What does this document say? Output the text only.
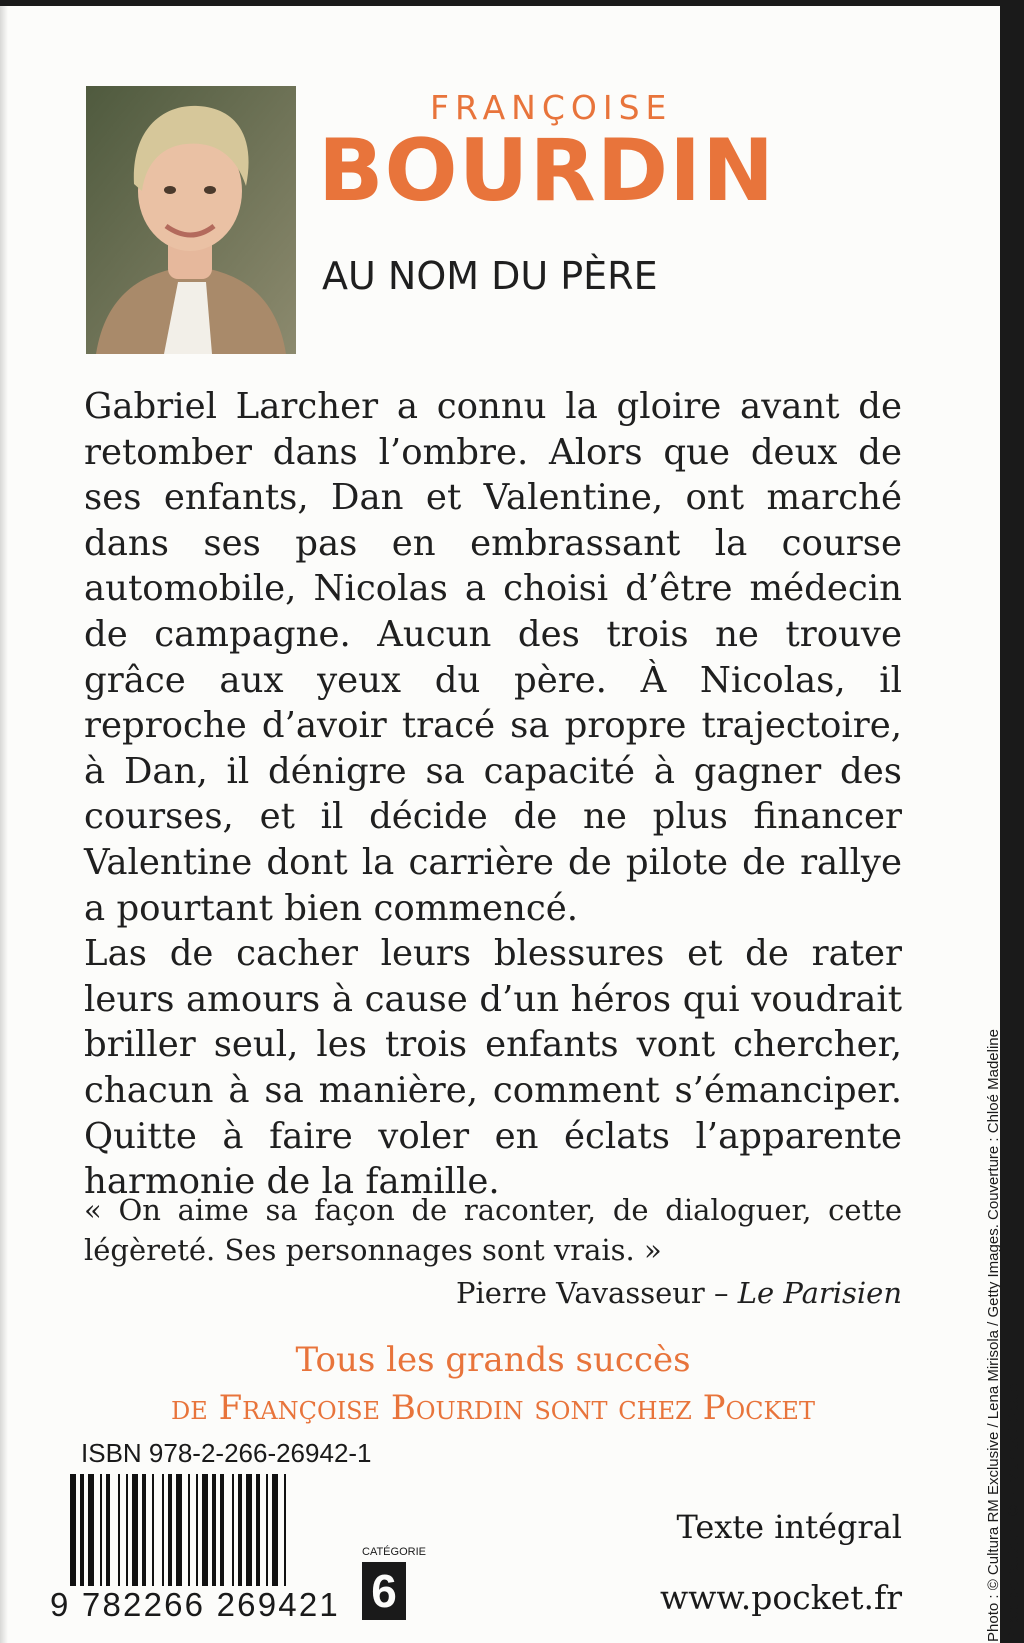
FRANÇOISE
BOURDIN
AU NOM DU PÈRE

Gabriel Larcher a connu la gloire avant de retomber dans l’ombre. Alors que deux de ses enfants, Dan et Valentine, ont marché dans ses pas en embrassant la course automobile, Nicolas a choisi d’être médecin de campagne. Aucun des trois ne trouve grâce aux yeux du père. À Nicolas, il reproche d’avoir tracé sa propre trajectoire, à Dan, il dénigre sa capacité à gagner des courses, et il décide de ne plus financer Valentine dont la carrière de pilote de rallye a pourtant bien commencé.

Las de cacher leurs blessures et de rater leurs amours à cause d’un héros qui voudrait briller seul, les trois enfants vont chercher, chacun à sa manière, comment s’émanciper. Quitte à faire voler en éclats l’apparente harmonie de la famille.

« On aime sa façon de raconter, de dialoguer, cette légèreté. Ses personnages sont vrais. »

Pierre Vavasseur – Le Parisien
Tous les grands succès
de Françoise Bourdin sont chez Pocket
ISBN 978-2-266-26942-1
9 782266 269421
CATÉGORIE
6
Texte intégral
www.pocket.fr	Photo : © Cultura RM Exclusive / Lena Mirisola / Getty Images. Couverture : Chloé Madeline Photo de l’auteur : © P. Matsas / Opale
